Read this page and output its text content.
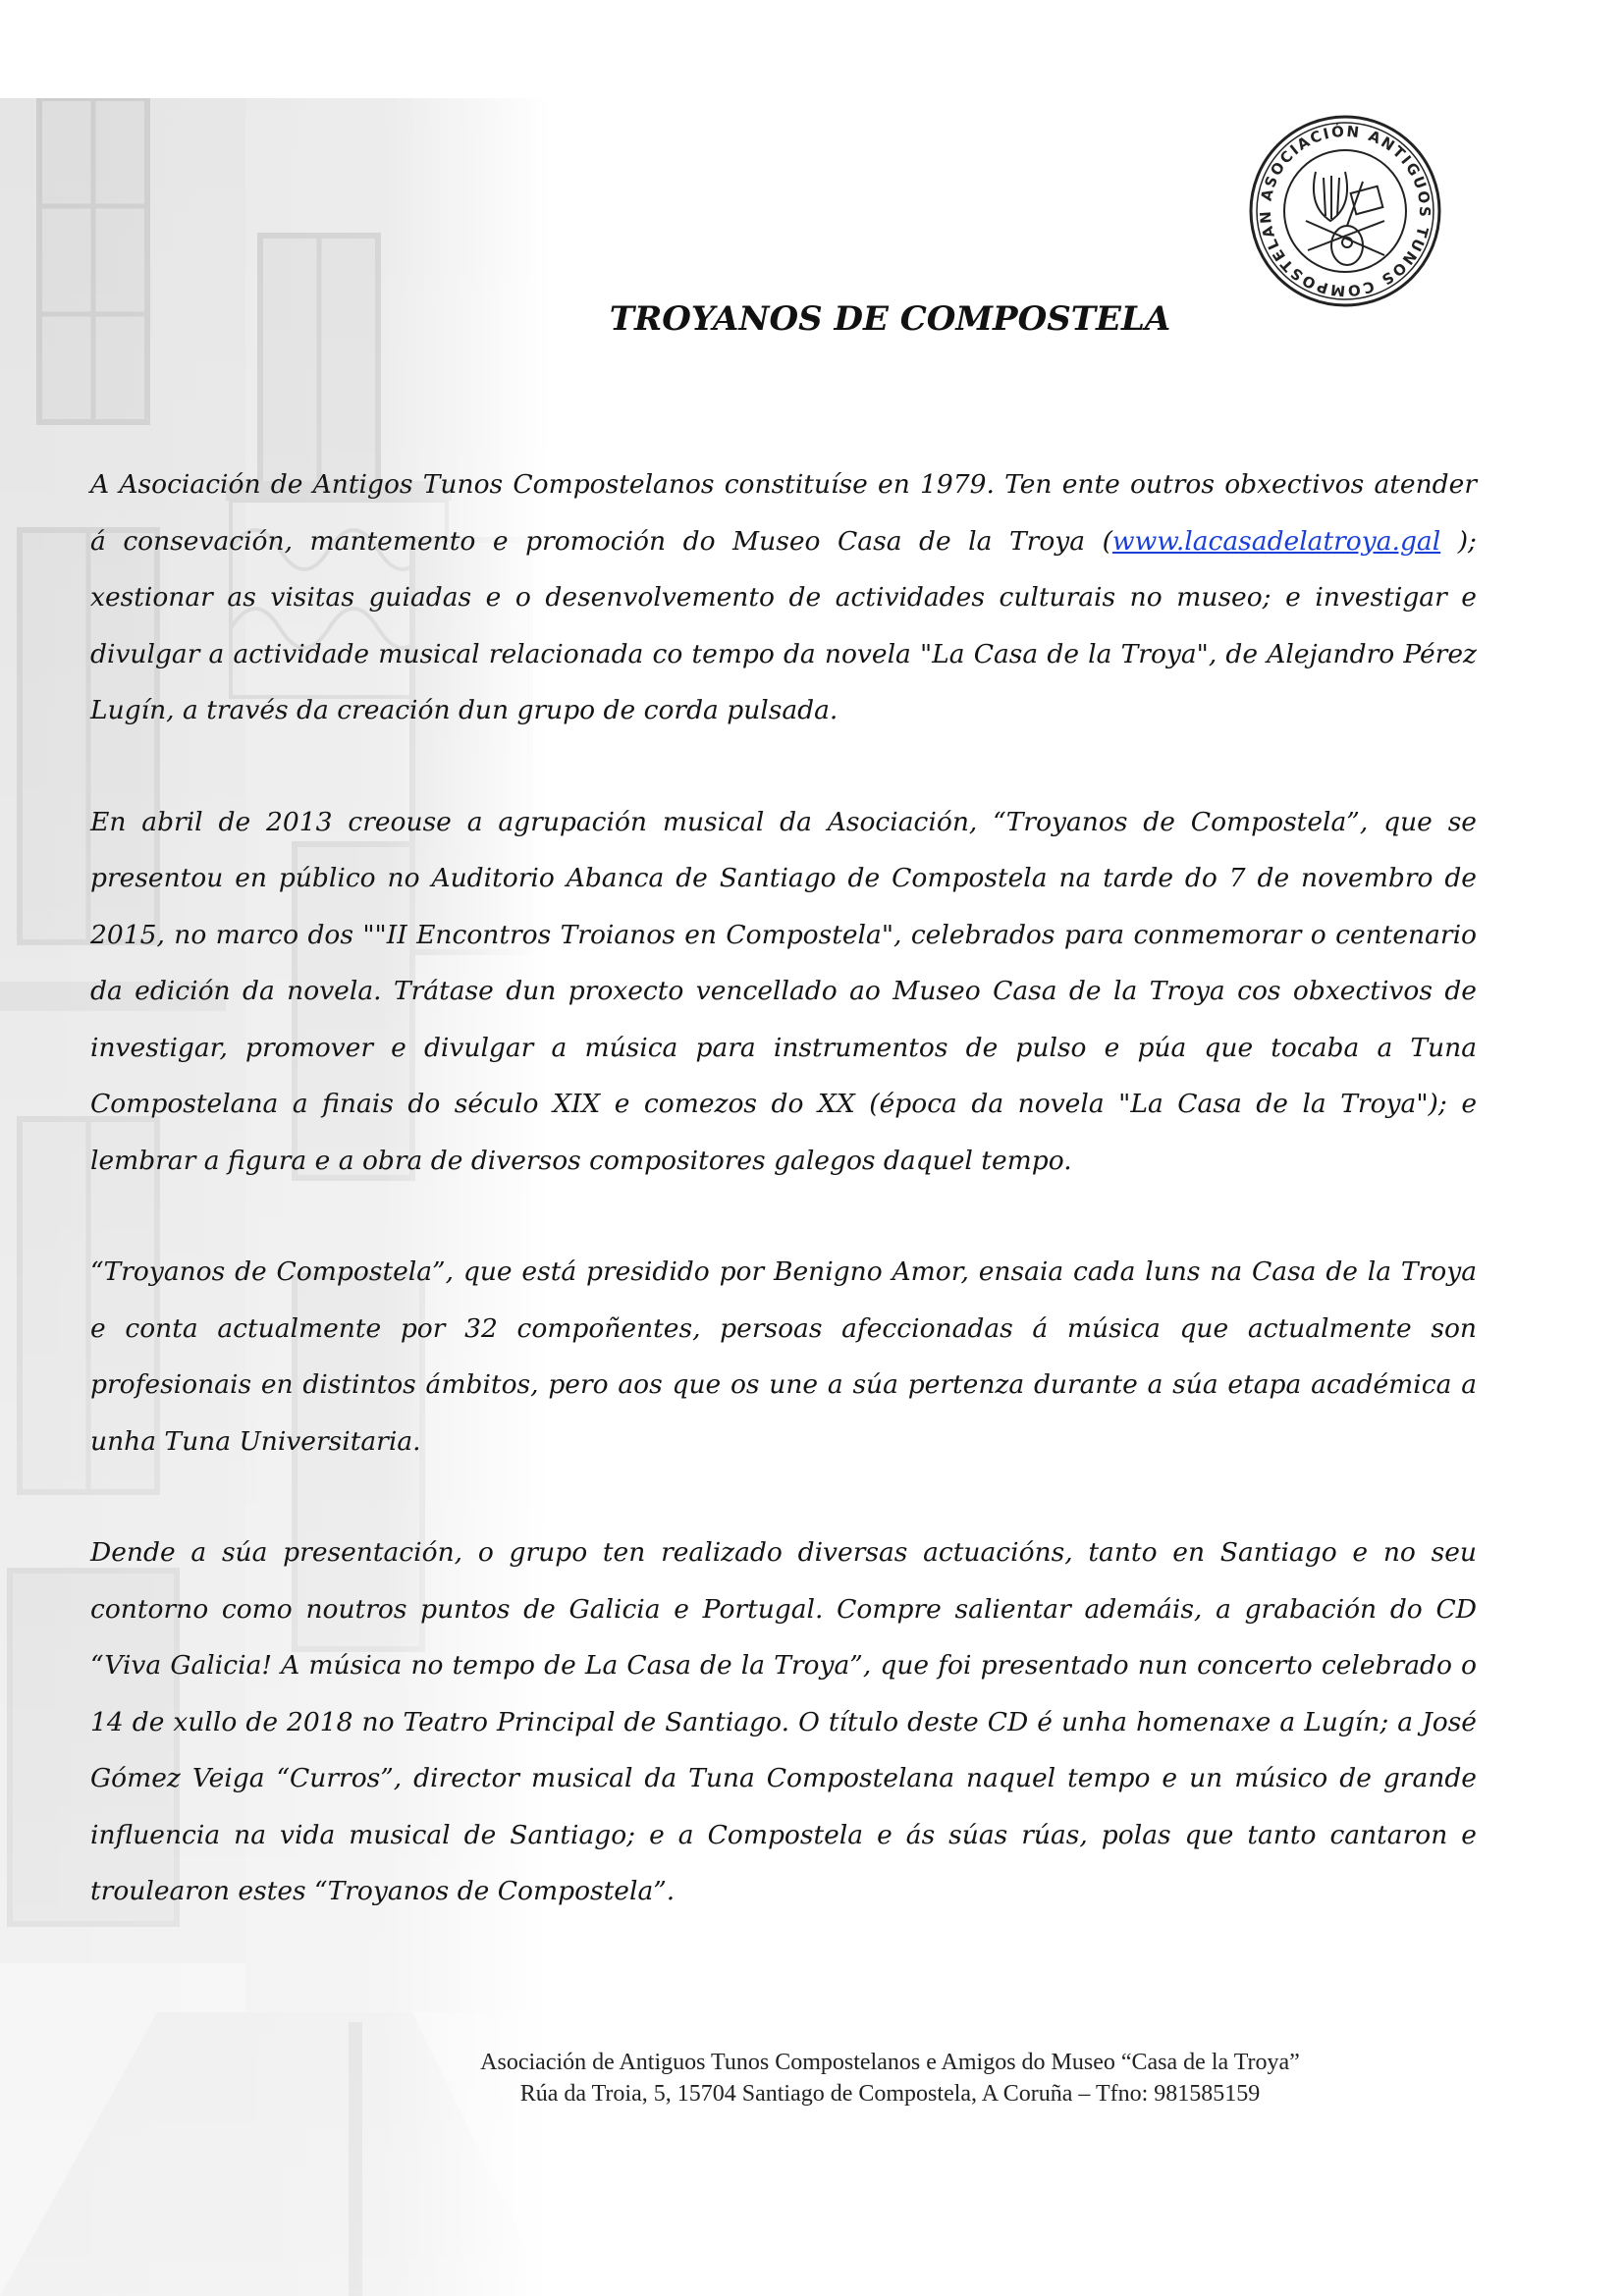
ASOCIACIÓN ANTIGUOS TUNOS COMPOSTELAN
TROYANOS DE COMPOSTELA

A Asociación de Antigos Tunos Compostelanos constituíse en 1979. Ten ente outros obxectivos atender á consevación, mantemento e promoción do Museo Casa de la Troya (www.lacasadelatroya.gal ); xestionar as visitas guiadas e o desenvolvemento de actividades culturais no museo; e investigar e divulgar a actividade musical relacionada co tempo da novela "La Casa de la Troya", de Alejandro Pérez Lugín, a través da creación dun grupo de corda pulsada.

En abril de 2013 creouse a agrupación musical da Asociación, “Troyanos de Compostela”, que se presentou en público no Auditorio Abanca de Santiago de Compostela na tarde do 7 de novembro de 2015, no marco dos ""II Encontros Troianos en Compostela", celebrados para conmemorar o centenario da edición da novela. Trátase dun proxecto vencellado ao Museo Casa de la Troya cos obxectivos de investigar, promover e divulgar a música para instrumentos de pulso e púa que tocaba a Tuna Compostelana a finais do século XIX e comezos do XX (época da novela "La Casa de la Troya"); e lembrar a figura e a obra de diversos compositores galegos daquel tempo.

“Troyanos de Compostela”, que está presidido por Benigno Amor, ensaia cada luns na Casa de la Troya e conta actualmente por 32 compoñentes, persoas afeccionadas á música que actualmente son profesionais en distintos ámbitos, pero aos que os une a súa pertenza durante a súa etapa académica a unha Tuna Universitaria.

Dende a súa presentación, o grupo ten realizado diversas actuacións, tanto en Santiago e no seu contorno como noutros puntos de Galicia e Portugal. Compre salientar ademáis, a grabación do CD “Viva Galicia! A música no tempo de La Casa de la Troya”, que foi presentado nun concerto celebrado o 14 de xullo de 2018 no Teatro Principal de Santiago. O título deste CD é unha homenaxe a Lugín; a José Gómez Veiga “Curros”, director musical da Tuna Compostelana naquel tempo e un músico de grande influencia na vida musical de Santiago; e a Compostela e ás súas rúas, polas que tanto cantaron e troulearon estes “Troyanos de Compostela”.

Asociación de Antiguos Tunos Compostelanos e Amigos do Museo “Casa de la Troya”
Rúa da Troia, 5, 15704 Santiago de Compostela, A Coruña – Tfno: 981585159
